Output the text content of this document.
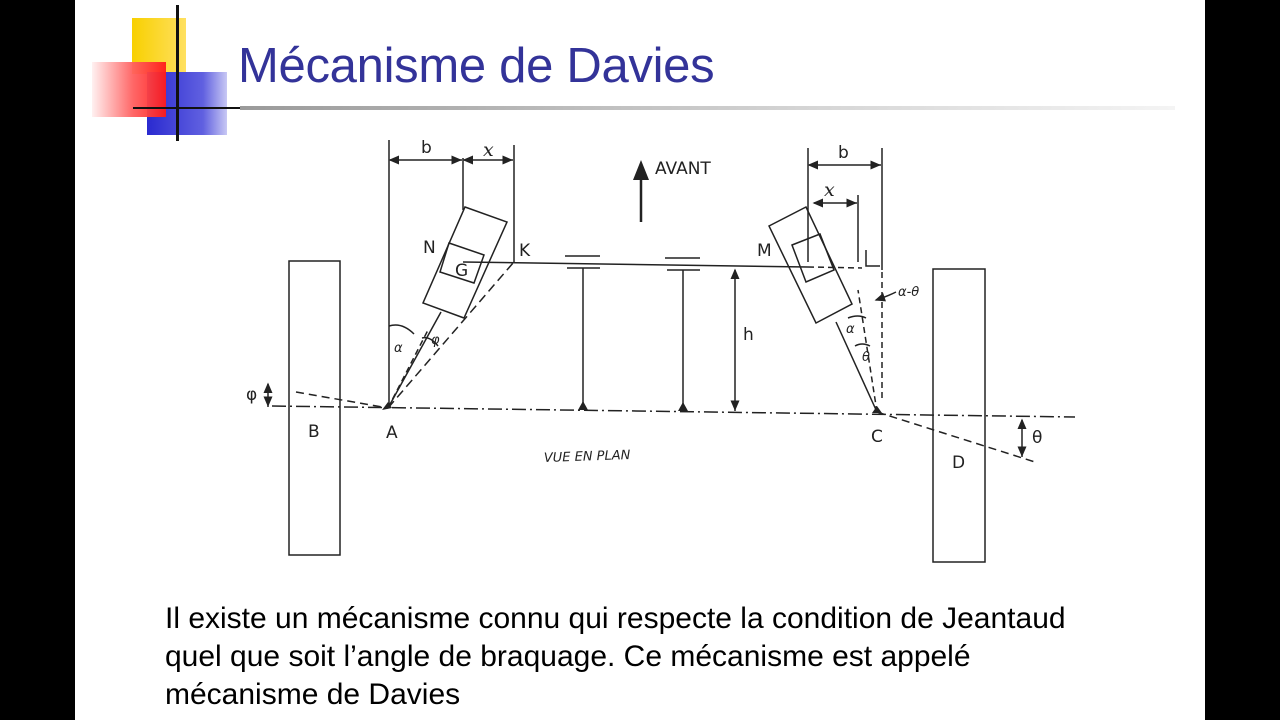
Mécanisme de Davies
b	x
AVANT
N
G
K	M
h
α
φ
φ
B	A	C
D
b
x
α-θ
α
θ
θ
VUE EN PLAN
Il existe un mécanisme connu qui respecte la condition de Jeantaud
quel que soit l’angle de braquage. Ce mécanisme est appelé
mécanisme de Davies
